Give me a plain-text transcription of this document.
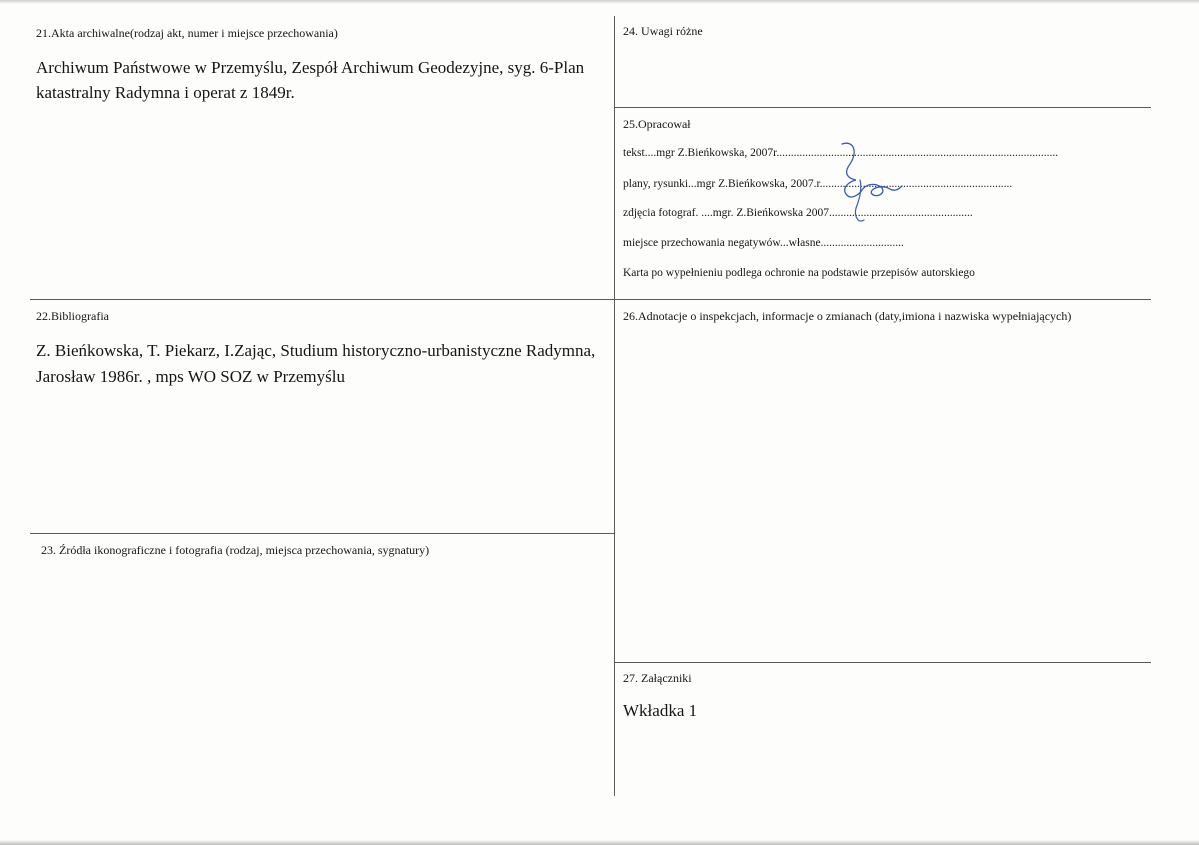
21.Akta archiwalne(rodzaj akt, numer i miejsce przechowania)
Archiwum Państwowe w Przemyślu, Zespół Archiwum Geodezyjne, syg. 6-Plan
katastralny Radymna i operat z 1849r.
22.Bibliografia
Z. Bieńkowska, T. Piekarz, I.Zając, Studium historyczno-urbanistyczne Radymna,
Jarosław 1986r. , mps WO SOZ w Przemyślu
23. Źródła ikonograficzne i fotografia (rodzaj, miejsca przechowania, sygnatury)
24. Uwagi różne
25.Opracował
tekst....mgr Z.Bieńkowska, 2007r..................................................................................................
plany, rysunki...mgr Z.Bieńkowska, 2007.r...................................................................
zdjęcia fotograf. ....mgr. Z.Bieńkowska 2007..................................................
miejsce przechowania negatywów...własne.............................
Karta po wypełnieniu podlega ochronie na podstawie przepisów autorskiego
26.Adnotacje o inspekcjach, informacje o zmianach (daty,imiona i nazwiska wypełniających)
27. Załączniki
Wkładka 1
